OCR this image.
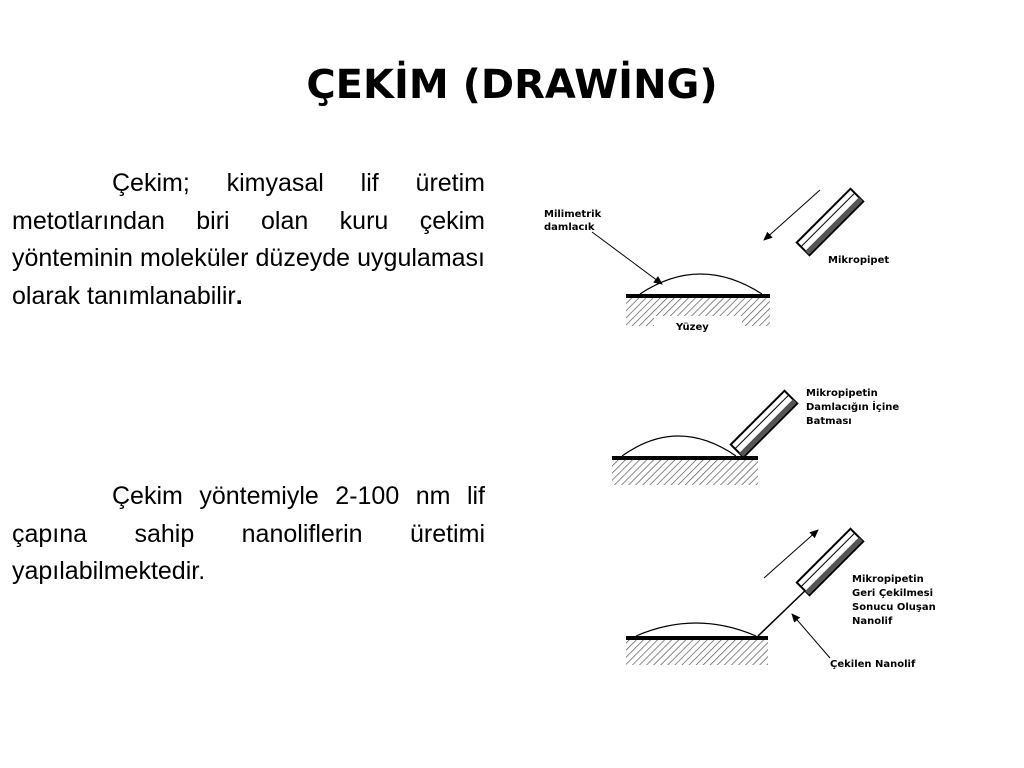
ÇEKİM (DRAWİNG)

Çekim; kimyasal lif üretim metotlarından biri olan kuru çekim yönteminin moleküler düzeyde uygulaması olarak tanımlanabilir.

Çekim yöntemiyle 2-100 nm lif çapına sahip nanoliflerin üretimi yapılabilmektedir.

Milimetrik
damlacık
Mikropipet
Yüzey
Mikropipetin
Damlacığın İçine
Batması
Mikropipetin
Geri Çekilmesi
Sonucu Oluşan
Nanolif
Çekilen Nanolif
